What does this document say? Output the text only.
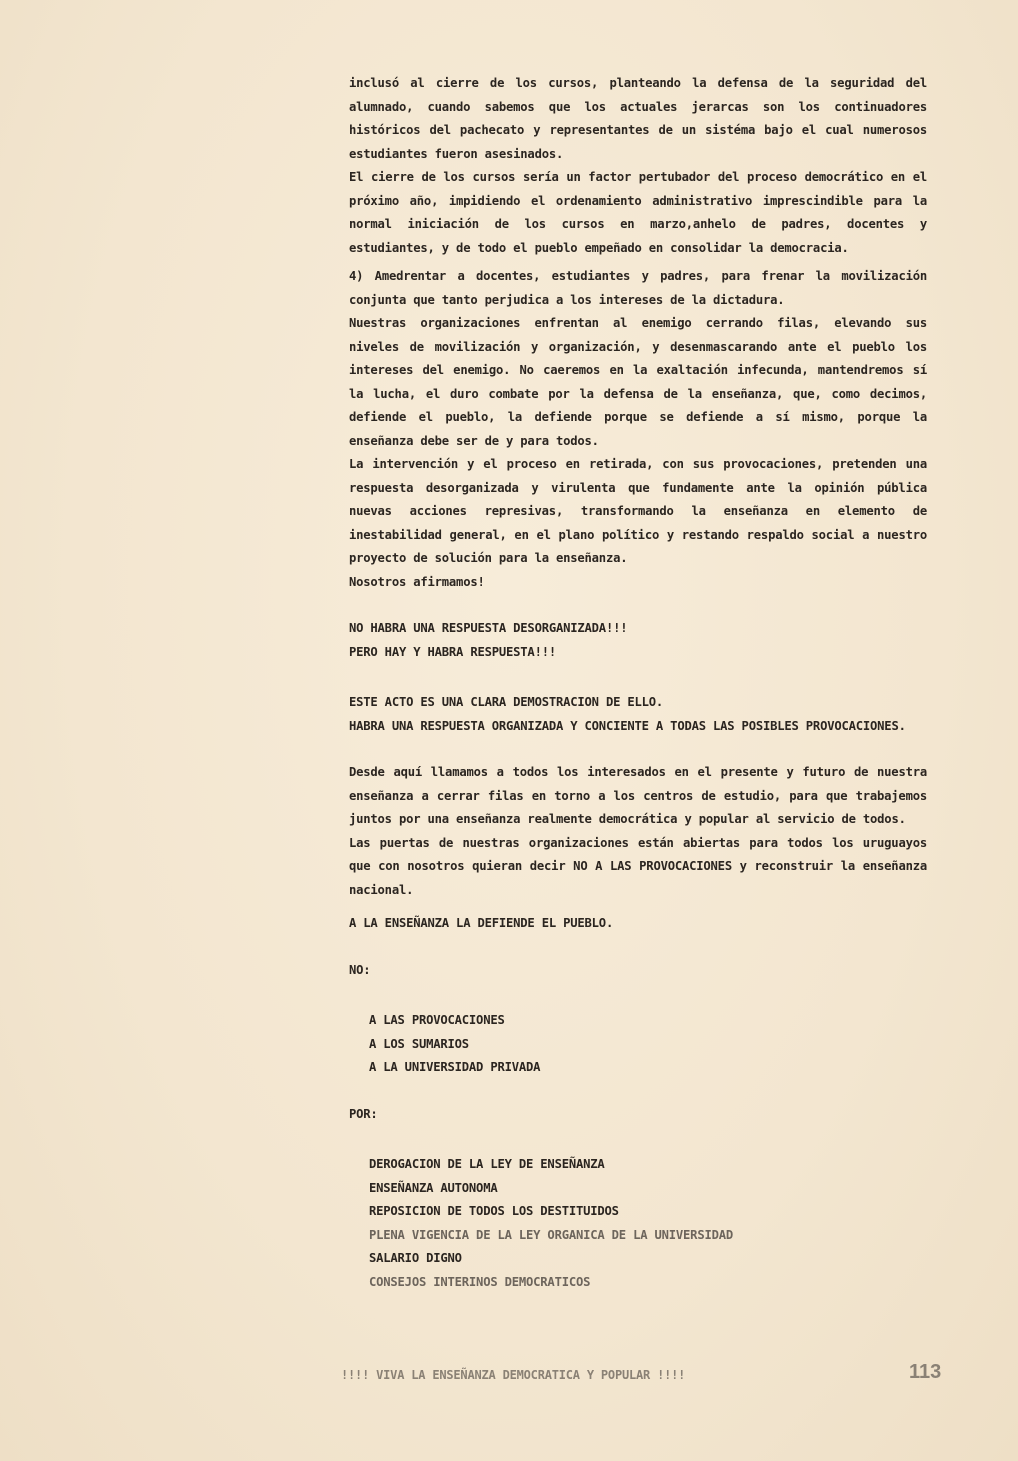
inclusó al cierre de los cursos, planteando la defensa de la seguridad del alumnado, cuando sabemos que los actuales jerarcas son los continuadores históricos del pachecato y representantes de un sistéma bajo el cual numerosos estudiantes fueron asesinados.

El cierre de los cursos sería un factor pertubador del proceso democrático en el próximo año, impidiendo el ordenamiento administrativo imprescindible para la normal iniciación de los cursos en marzo,anhelo de padres, docentes y estudiantes, y de todo el pueblo empeñado en consolidar la democracia.

4) Amedrentar a docentes, estudiantes y padres, para frenar la movilización conjunta que tanto perjudica a los intereses de la dictadura.

Nuestras organizaciones enfrentan al enemigo cerrando filas, elevando sus niveles de movilización y organización, y desenmascarando ante el pueblo los intereses del enemigo. No caeremos en la exaltación infecunda, mantendremos sí la lucha, el duro combate por la defensa de la enseñanza, que, como decimos, defiende el pueblo, la defiende porque se defiende a sí mismo, porque la enseñanza debe ser de y para todos.

La intervención y el proceso en retirada, con sus provocaciones, pretenden una respuesta desorganizada y virulenta que fundamente ante la opinión pública nuevas acciones represivas, transformando la enseñanza en elemento de inestabilidad general, en el plano político y restando respaldo social a nuestro proyecto de solución para la enseñanza.

Nosotros afirmamos!

NO HABRA UNA RESPUESTA DESORGANIZADA!!!

PERO HAY Y HABRA RESPUESTA!!!

ESTE ACTO ES UNA CLARA DEMOSTRACION DE ELLO.

HABRA UNA RESPUESTA ORGANIZADA Y CONCIENTE A TODAS LAS POSIBLES PROVOCACIONES.

Desde aquí llamamos a todos los interesados en el presente y futuro de nuestra enseñanza a cerrar filas en torno a los centros de estudio, para que trabajemos juntos por una enseñanza realmente democrática y popular al servicio de todos.

Las puertas de nuestras organizaciones están abiertas para todos los uruguayos que con nosotros quieran decir NO A LAS PROVOCACIONES y reconstruir la enseñanza nacional.

A LA ENSEÑANZA LA DEFIENDE EL PUEBLO.

NO:

A LAS PROVOCACIONES

A LOS SUMARIOS

A LA UNIVERSIDAD PRIVADA

POR:

DEROGACION DE LA LEY DE ENSEÑANZA

ENSEÑANZA AUTONOMA

REPOSICION DE TODOS LOS DESTITUIDOS

PLENA VIGENCIA DE LA LEY ORGANICA DE LA UNIVERSIDAD

SALARIO DIGNO

CONSEJOS INTERINOS DEMOCRATICOS

!!!! VIVA LA ENSEÑANZA DEMOCRATICA Y POPULAR !!!!	113
